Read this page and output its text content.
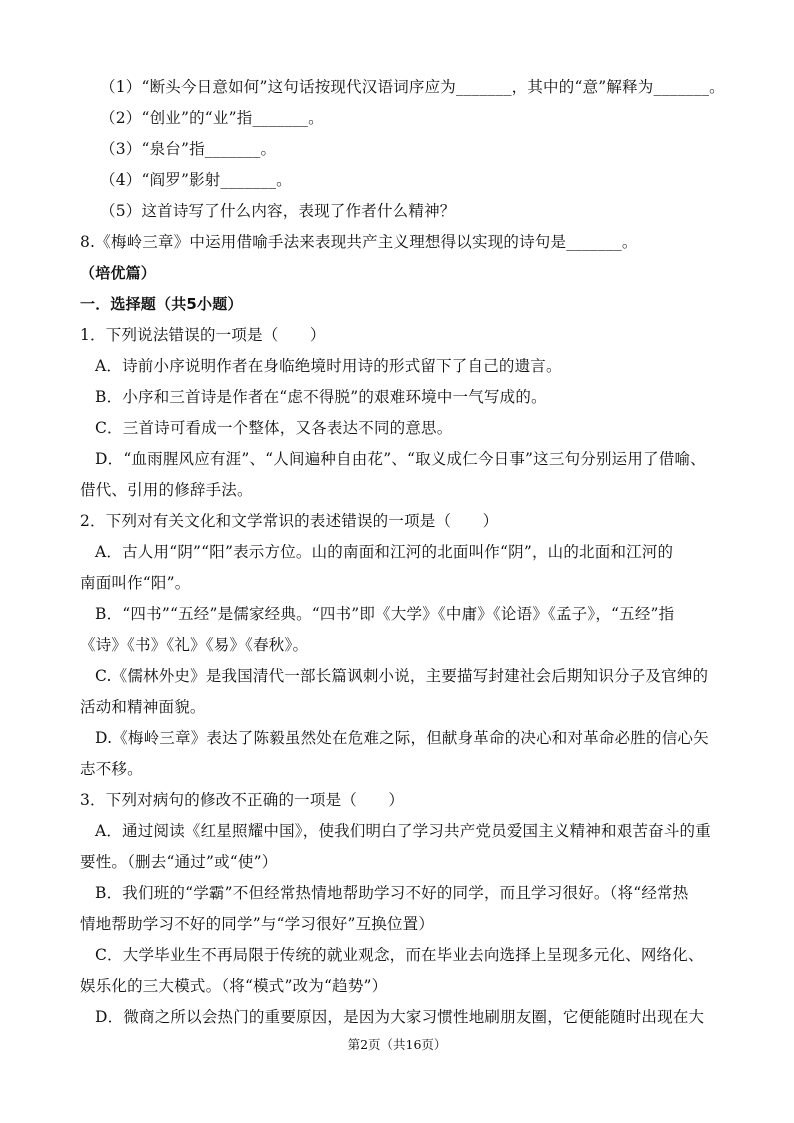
（1）“断头今日意如何”这句话按现代汉语词序应为_______，其中的“意”解释为_______。
（2）“创业”的“业”指_______。
（3）“泉台”指_______。
（4）“阎罗”影射_______。
（5）这首诗写了什么内容，表现了作者什么精神？
8.《梅岭三章》中运用借喻手法来表现共产主义理想得以实现的诗句是_______。
（培优篇）
一．选择题（共5小题）
1．下列说法错误的一项是（　　）
A．诗前小序说明作者在身临绝境时用诗的形式留下了自己的遗言。
B．小序和三首诗是作者在“虑不得脱”的艰难环境中一气写成的。
C．三首诗可看成一个整体，又各表达不同的意思。
D．“血雨腥风应有涯”、“人间遍种自由花”、“取义成仁今日事”这三句分别运用了借喻、
借代、引用的修辞手法。
2．下列对有关文化和文学常识的表述错误的一项是（　　）
A．古人用“阴”“阳”表示方位。山的南面和江河的北面叫作“阴”，山的北面和江河的
南面叫作“阳”。
B．“四书”“五经”是儒家经典。“四书”即《大学》《中庸》《论语》《孟子》，“五经”指
《诗》《书》《礼》《易》《春秋》。
C.《儒林外史》是我国清代一部长篇讽刺小说，主要描写封建社会后期知识分子及官绅的
活动和精神面貌。
D.《梅岭三章》表达了陈毅虽然处在危难之际，但献身革命的决心和对革命必胜的信心矢
志不移。
3．下列对病句的修改不正确的一项是（　　）
A．通过阅读《红星照耀中国》，使我们明白了学习共产党员爱国主义精神和艰苦奋斗的重
要性。（删去“通过”或“使”）
B．我们班的“学霸”不但经常热情地帮助学习不好的同学，而且学习很好。（将“经常热
情地帮助学习不好的同学”与“学习很好”互换位置）
C．大学毕业生不再局限于传统的就业观念，而在毕业去向选择上呈现多元化、网络化、
娱乐化的三大模式。（将“模式”改为“趋势”）
D．微商之所以会热门的重要原因，是因为大家习惯性地刷朋友圈，它便能随时出现在大
第2页（共16页）
